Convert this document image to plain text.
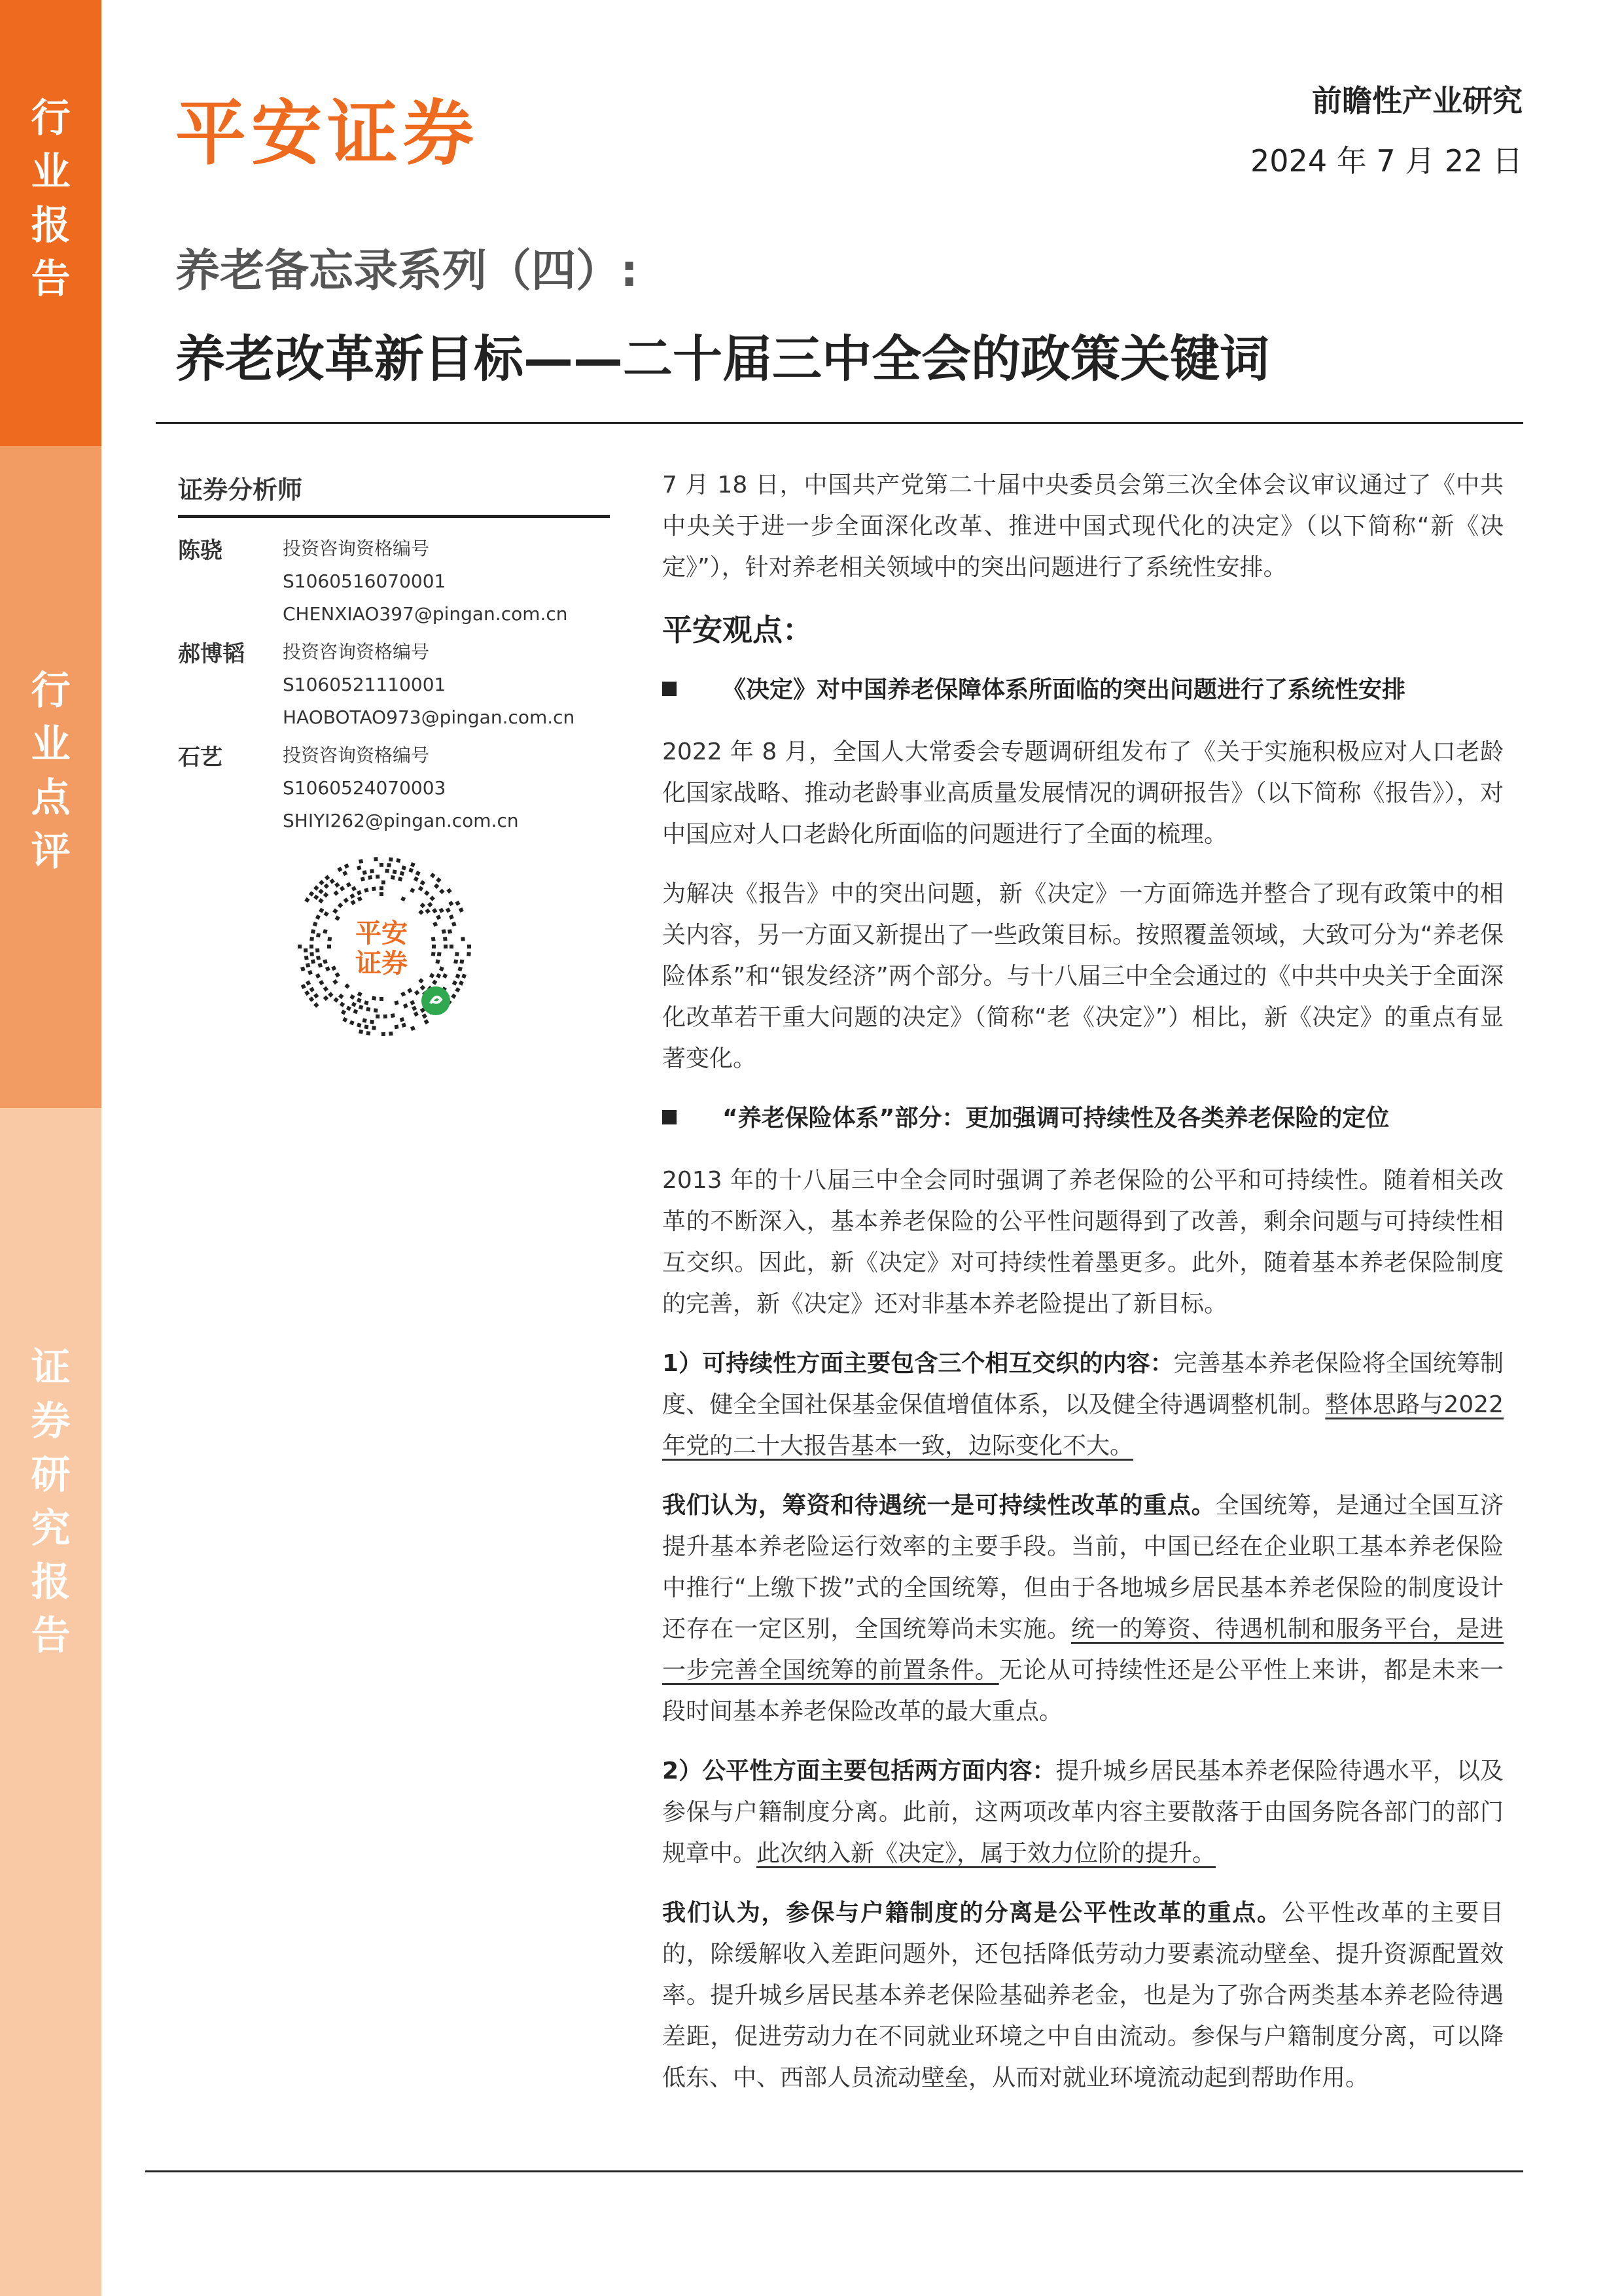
行
业
报
告
行
业
点
评
证
券
研
究
报
告
平安证券	前瞻性产业研究
2024 年 7 月 22 日
养老备忘录系列（四）:
养老改革新目标——二十届三中全会的政策关键词
证券分析师
陈骁	投资咨询资格编号
S1060516070001
CHENXIAO397@pingan.com.cn
郝博韬 投资咨询资格编号
S1060521110001
HAOBOTAO973@pingan.com.cn
石艺	投资咨询资格编号
S1060524070003
SHIYI262@pingan.com.cn
平安
证券

7 月 18 日，中国共产党第二十届中央委员会第三次全体会议审议通过了《中共中央关于进一步全面深化改革、推进中国式现代化的决定》（以下简称“新《决定》”），针对养老相关领域中的突出问题进行了系统性安排。

平安观点：
《决定》对中国养老保障体系所面临的突出问题进行了系统性安排

2022 年 8 月，全国人大常委会专题调研组发布了《关于实施积极应对人口老龄化国家战略、推动老龄事业高质量发展情况的调研报告》（以下简称《报告》），对中国应对人口老龄化所面临的问题进行了全面的梳理。

为解决《报告》中的突出问题，新《决定》一方面筛选并整合了现有政策中的相关内容，另一方面又新提出了一些政策目标。按照覆盖领域，大致可分为“养老保险体系”和“银发经济”两个部分。与十八届三中全会通过的《中共中央关于全面深化改革若干重大问题的决定》（简称“老《决定》”）相比，新《决定》的重点有显著变化。

“养老保险体系”部分：更加强调可持续性及各类养老保险的定位

2013 年的十八届三中全会同时强调了养老保险的公平和可持续性。随着相关改革的不断深入，基本养老保险的公平性问题得到了改善，剩余问题与可持续性相互交织。因此，新《决定》对可持续性着墨更多。此外，随着基本养老保险制度的完善，新《决定》还对非基本养老险提出了新目标。

1）可持续性方面主要包含三个相互交织的内容：完善基本养老保险将全国统筹制度、健全全国社保基金保值增值体系，以及健全待遇调整机制。整体思路与2022 年党的二十大报告基本一致，边际变化不大。

我们认为，筹资和待遇统一是可持续性改革的重点。全国统筹，是通过全国互济提升基本养老险运行效率的主要手段。当前，中国已经在企业职工基本养老保险中推行“上缴下拨”式的全国统筹，但由于各地城乡居民基本养老保险的制度设计还存在一定区别，全国统筹尚未实施。统一的筹资、待遇机制和服务平台，是进一步完善全国统筹的前置条件。无论从可持续性还是公平性上来讲，都是未来一段时间基本养老保险改革的最大重点。

2）公平性方面主要包括两方面内容：提升城乡居民基本养老保险待遇水平，以及参保与户籍制度分离。此前，这两项改革内容主要散落于由国务院各部门的部门规章中。此次纳入新《决定》，属于效力位阶的提升。

我们认为，参保与户籍制度的分离是公平性改革的重点。公平性改革的主要目的，除缓解收入差距问题外，还包括降低劳动力要素流动壁垒、提升资源配置效率。提升城乡居民基本养老保险基础养老金，也是为了弥合两类基本养老险待遇差距，促进劳动力在不同就业环境之中自由流动。参保与户籍制度分离，可以降低东、中、西部人员流动壁垒，从而对就业环境流动起到帮助作用。
